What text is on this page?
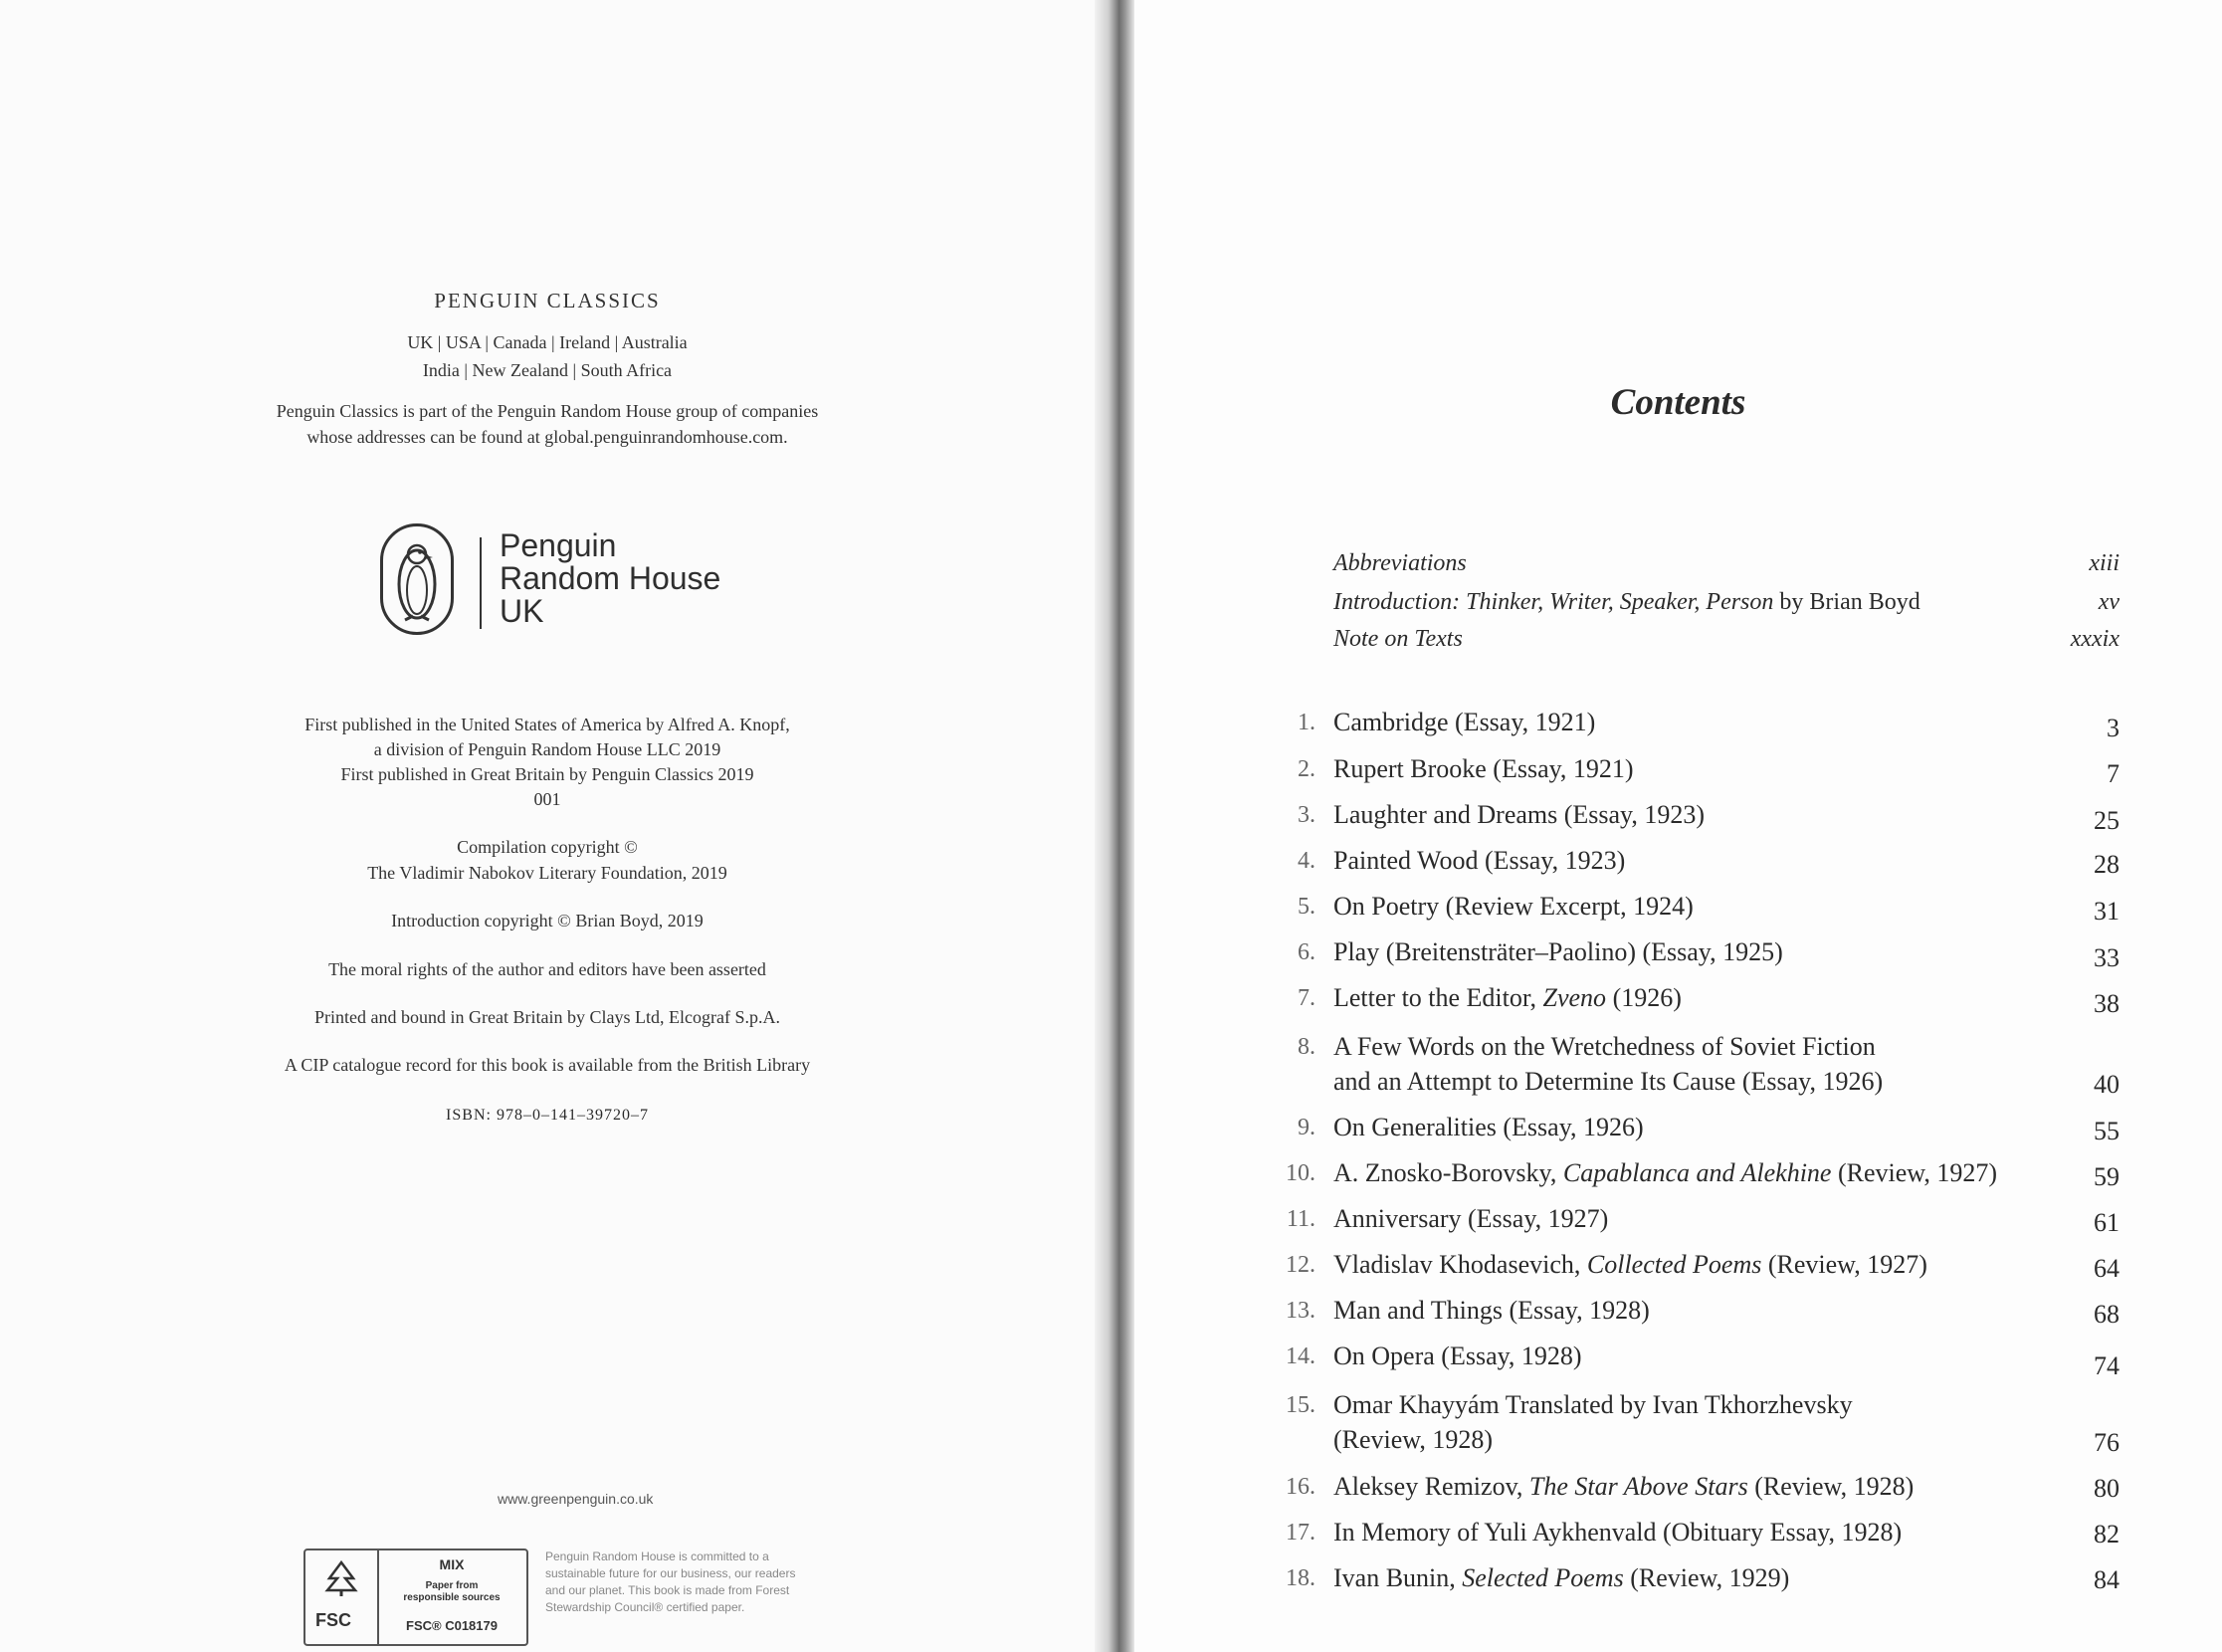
PENGUIN CLASSICS
UK | USA | Canada | Ireland | Australia
India | New Zealand | South Africa
Penguin Classics is part of the Penguin Random House group of companies
whose addresses can be found at global.penguinrandomhouse.com.
Penguin
Random House
UK
First published in the United States of America by Alfred A. Knopf,
a division of Penguin Random House LLC 2019
First published in Great Britain by Penguin Classics 2019
001
Compilation copyright ©
The Vladimir Nabokov Literary Foundation, 2019
Introduction copyright © Brian Boyd, 2019
The moral rights of the author and editors have been asserted
Printed and bound in Great Britain by Clays Ltd, Elcograf S.p.A.
A CIP catalogue record for this book is available from the British Library
ISBN: 978–0–141–39720–7
www.greenpenguin.co.uk
FSC
MIX
Paper from
responsible sources
FSC® C018179
Penguin Random House is committed to a
sustainable future for our business, our readers
and our planet. This book is made from Forest
Stewardship Council® certified paper.
Contents
Abbreviations	xiii
Introduction: Thinker, Writer, Speaker, Person by Brian Boyd	xv
Note on Texts	xxxix
1. Cambridge (Essay, 1921)	3
2. Rupert Brooke (Essay, 1921)	7
3. Laughter and Dreams (Essay, 1923)	25
4. Painted Wood (Essay, 1923)	28
5. On Poetry (Review Excerpt, 1924)	31
6. Play (Breitensträter–Paolino) (Essay, 1925)	33
7. Letter to the Editor, Zveno (1926)	38
8. A Few Words on the Wretchedness of Soviet Fiction
and an Attempt to Determine Its Cause (Essay, 1926)	40
9. On Generalities (Essay, 1926)	55
10. A. Znosko-Borovsky, Capablanca and Alekhine (Review, 1927)	59
11. Anniversary (Essay, 1927)	61
12. Vladislav Khodasevich, Collected Poems (Review, 1927)	64
13. Man and Things (Essay, 1928)	68
14. On Opera (Essay, 1928)	74
15. Omar Khayyám Translated by Ivan Tkhorzhevsky
(Review, 1928)	76
16. Aleksey Remizov, The Star Above Stars (Review, 1928)	80
17. In Memory of Yuli Aykhenvald (Obituary Essay, 1928)	82
18. Ivan Bunin, Selected Poems (Review, 1929)	84
